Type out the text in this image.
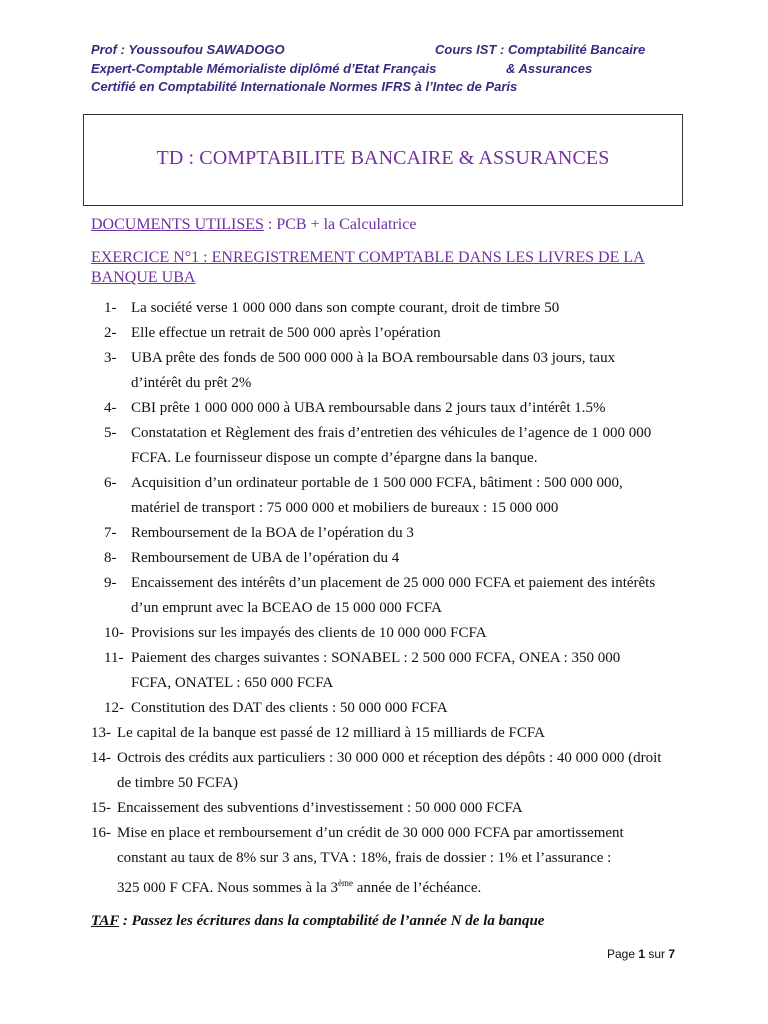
Prof : Youssoufou SAWADOGO	Cours IST : Comptabilité Bancaire
Expert-Comptable Mémorialiste diplômé d’Etat Français	& Assurances
Certifié en Comptabilité Internationale Normes IFRS à l’Intec de Paris
TD : COMPTABILITE BANCAIRE & ASSURANCES
DOCUMENTS UTILISES : PCB + la Calculatrice
EXERCICE N°1 : ENREGISTREMENT COMPTABLE DANS LES LIVRES DE LA BANQUE UBA
1- La société verse 1 000 000 dans son compte courant, droit de timbre 50
2- Elle effectue un retrait de 500 000 après l’opération
3- UBA prête des fonds de 500 000 000 à la BOA remboursable dans 03 jours, taux
d’intérêt du prêt 2%
4- CBI prête 1 000 000 000 à UBA remboursable dans 2 jours taux d’intérêt 1.5%
5- Constatation et Règlement des frais d’entretien des véhicules de l’agence de 1 000 000
FCFA. Le fournisseur dispose un compte d’épargne dans la banque.
6- Acquisition d’un ordinateur portable de 1 500 000 FCFA, bâtiment : 500 000 000,
matériel de transport : 75 000 000 et mobiliers de bureaux : 15 000 000
7- Remboursement de la BOA de l’opération du 3
8- Remboursement de UBA de l’opération du 4
9- Encaissement des intérêts d’un placement de 25 000 000 FCFA et paiement des intérêts
d’un emprunt avec la BCEAO de 15 000 000 FCFA
10- Provisions sur les impayés des clients de 10 000 000 FCFA
11- Paiement des charges suivantes : SONABEL : 2 500 000 FCFA, ONEA : 350 000
FCFA, ONATEL : 650 000 FCFA
12- Constitution des DAT des clients : 50 000 000 FCFA
13- Le capital de la banque est passé de 12 milliard à 15 milliards de FCFA
14- Octrois des crédits aux particuliers : 30 000 000 et réception des dépôts : 40 000 000 (droit
de timbre 50 FCFA)
15- Encaissement des subventions d’investissement : 50 000 000 FCFA
16- Mise en place et remboursement d’un crédit de 30 000 000 FCFA par amortissement
constant au taux de 8% sur 3 ans, TVA : 18%, frais de dossier : 1% et l’assurance :
325 000 F CFA. Nous sommes à la 3ème année de l’échéance.
TAF : Passez les écritures dans la comptabilité de l’année N de la banque
Page 1 sur 7
